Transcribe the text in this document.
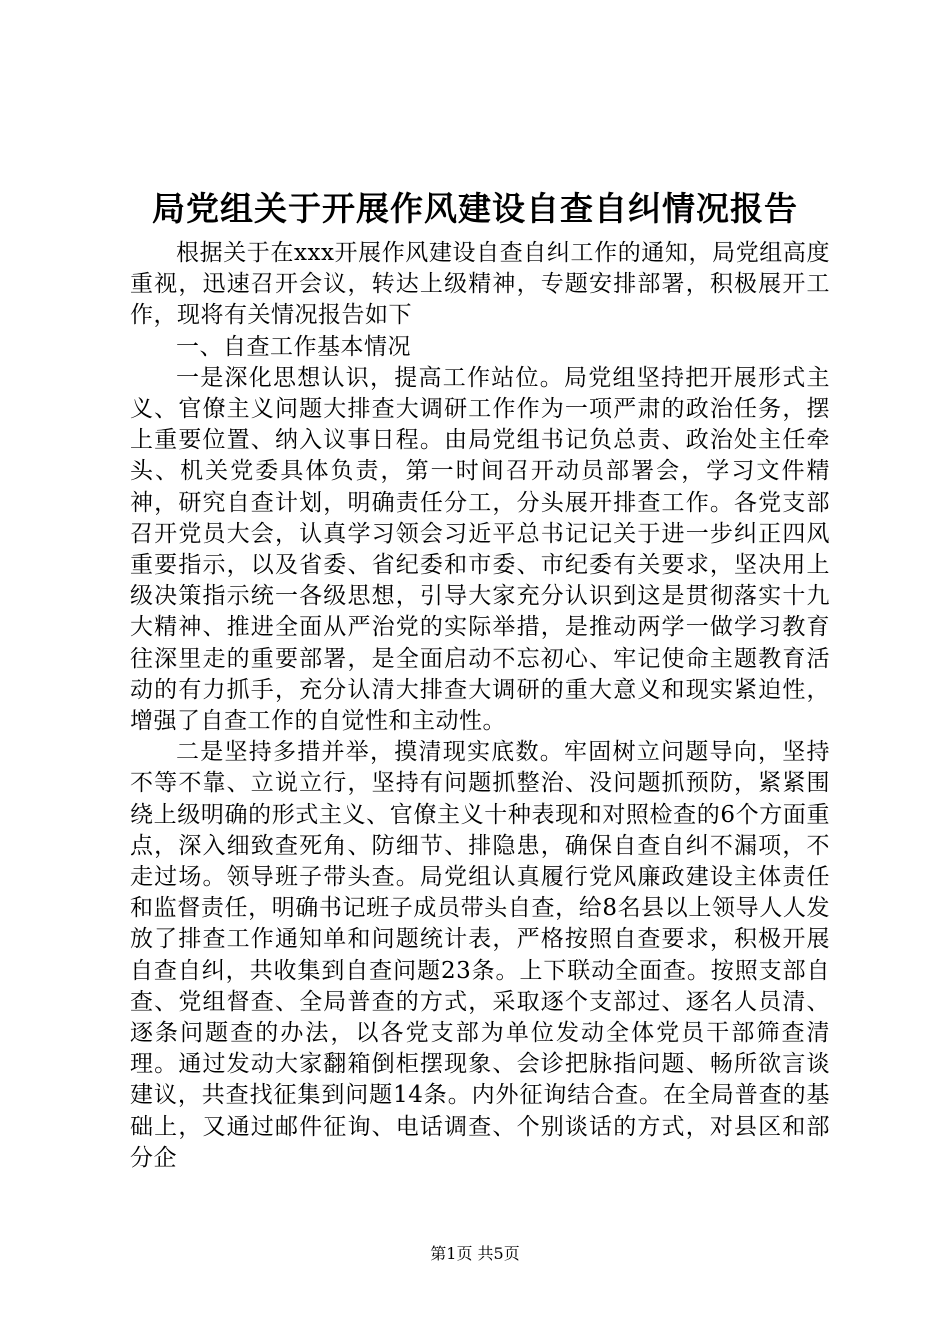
局党组关于开展作风建设自查自纠情况报告

根据关于在xxx开展作风建设自查自纠工作的通知，局党组高度重视，迅速召开会议，转达上级精神，专题安排部署，积极展开工作，现将有关情况报告如下

一、自查工作基本情况

一是深化思想认识，提高工作站位。局党组坚持把开展形式主义、官僚主义问题大排查大调研工作作为一项严肃的政治任务，摆上重要位置、纳入议事日程。由局党组书记负总责、政治处主任牵头、机关党委具体负责，第一时间召开动员部署会，学习文件精神，研究自查计划，明确责任分工，分头展开排查工作。各党支部召开党员大会，认真学习领会习近平总书记记关于进一步纠正四风重要指示，以及省委、省纪委和市委、市纪委有关要求，坚决用上级决策指示统一各级思想，引导大家充分认识到这是贯彻落实十九大精神、推进全面从严治党的实际举措，是推动两学一做学习教育往深里走的重要部署，是全面启动不忘初心、牢记使命主题教育活动的有力抓手，充分认清大排查大调研的重大意义和现实紧迫性，增强了自查工作的自觉性和主动性。

二是坚持多措并举，摸清现实底数。牢固树立问题导向，坚持不等不靠、立说立行，坚持有问题抓整治、没问题抓预防，紧紧围绕上级明确的形式主义、官僚主义十种表现和对照检查的6个方面重点，深入细致查死角、防细节、排隐患，确保自查自纠不漏项，不走过场。领导班子带头查。局党组认真履行党风廉政建设主体责任和监督责任，明确书记班子成员带头自查，给8名县以上领导人人发放了排查工作通知单和问题统计表，严格按照自查要求，积极开展自查自纠，共收集到自查问题23条。上下联动全面查。按照支部自查、党组督查、全局普查的方式，采取逐个支部过、逐名人员清、逐条问题查的办法，以各党支部为单位发动全体党员干部筛查清理。通过发动大家翻箱倒柜摆现象、会诊把脉指问题、畅所欲言谈建议，共查找征集到问题14条。内外征询结合查。在全局普查的基础上，又通过邮件征询、电话调查、个别谈话的方式，对县区和部分企

第1页 共5页
